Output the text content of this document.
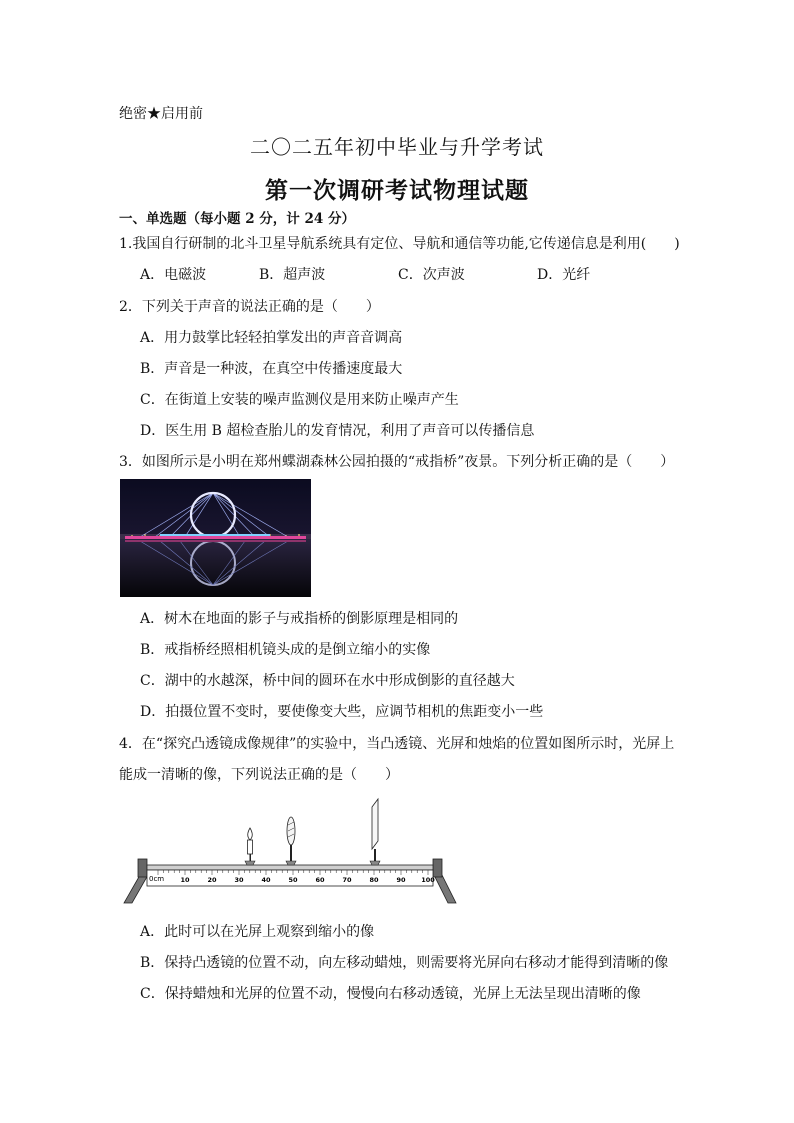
绝密★启用前
二〇二五年初中毕业与升学考试
第一次调研考试物理试题
一、单选题（每小题 2 分，计 24 分）
1.我国自行研制的北斗卫星导航系统具有定位、导航和通信等功能,它传递信息是利用(　　)
A．电磁波	B．超声波	C．次声波	D．光纤
2．下列关于声音的说法正确的是（　　）
A．用力鼓掌比轻轻拍掌发出的声音音调高
B．声音是一种波，在真空中传播速度最大
C．在街道上安装的噪声监测仪是用来防止噪声产生
D．医生用 B 超检查胎儿的发育情况，利用了声音可以传播信息
3．如图所示是小明在郑州蝶湖森林公园拍摄的“戒指桥”夜景。下列分析正确的是（　　）
A．树木在地面的影子与戒指桥的倒影原理是相同的
B．戒指桥经照相机镜头成的是倒立缩小的实像
C．湖中的水越深，桥中间的圆环在水中形成倒影的直径越大
D．拍摄位置不变时，要使像变大些，应调节相机的焦距变小一些
4．在“探究凸透镜成像规律”的实验中，当凸透镜、光屏和烛焰的位置如图所示时，光屏上
能成一清晰的像，下列说法正确的是（　　）
0cm	10	20	30	40	50	60	70	80	90 100
A．此时可以在光屏上观察到缩小的像
B．保持凸透镜的位置不动，向左移动蜡烛，则需要将光屏向右移动才能得到清晰的像
C．保持蜡烛和光屏的位置不动，慢慢向右移动透镜，光屏上无法呈现出清晰的像
